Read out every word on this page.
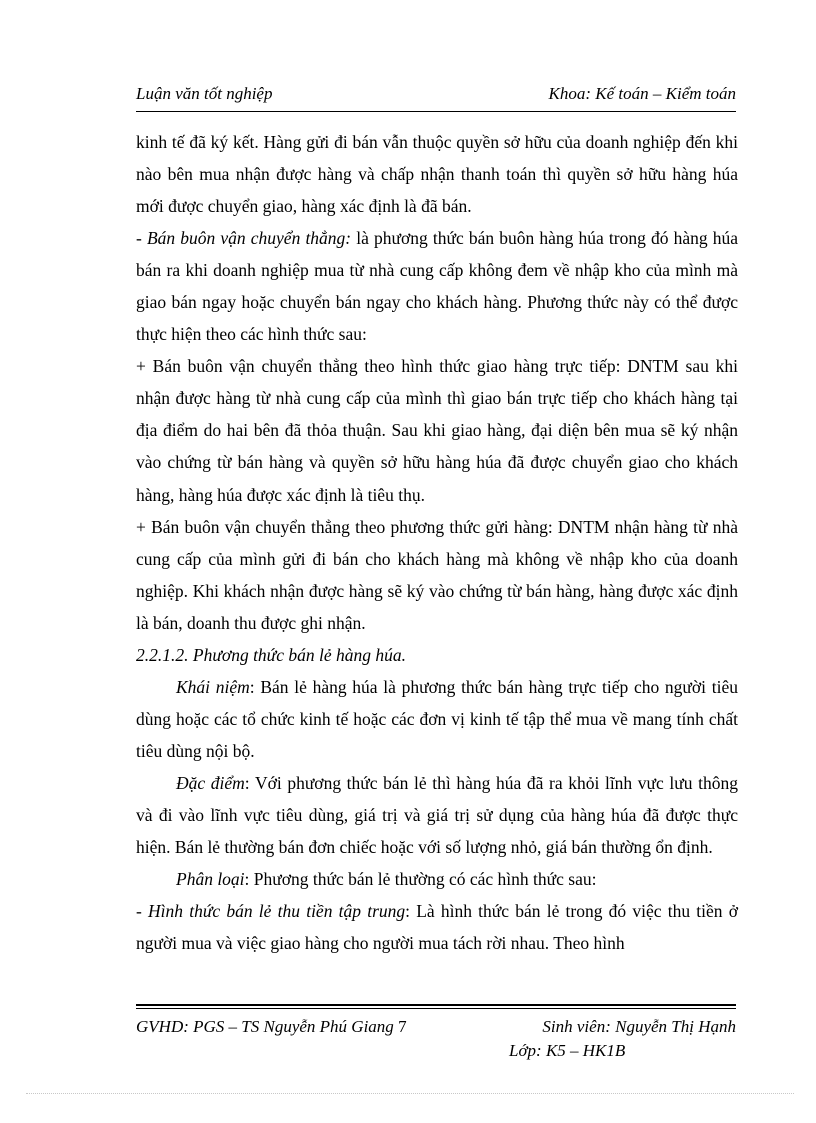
Luận văn tốt nghiệp	Khoa: Kế toán – Kiểm toán

kinh tế đã ký kết. Hàng gửi đi bán vẫn thuộc quyền sở hữu của doanh nghiệp đến khi nào bên mua nhận được hàng và chấp nhận thanh toán thì quyền sở hữu hàng húa mới được chuyển giao, hàng xác định là đã bán.

- Bán buôn vận chuyển thẳng: là phương thức bán buôn hàng húa trong đó hàng húa bán ra khi doanh nghiệp mua từ nhà cung cấp không đem về nhập kho của mình mà giao bán ngay hoặc chuyển bán ngay cho khách hàng. Phương thức này có thể được thực hiện theo các hình thức sau:

+ Bán buôn vận chuyển thẳng theo hình thức giao hàng trực tiếp: DNTM sau khi nhận được hàng từ nhà cung cấp của mình thì giao bán trực tiếp cho khách hàng tại địa điểm do hai bên đã thỏa thuận. Sau khi giao hàng, đại diện bên mua sẽ ký nhận vào chứng từ bán hàng và quyền sở hữu hàng húa đã được chuyển giao cho khách hàng, hàng húa được xác định là tiêu thụ.

+ Bán buôn vận chuyển thẳng theo phương thức gửi hàng: DNTM nhận hàng từ nhà cung cấp của mình gửi đi bán cho khách hàng mà không về nhập kho của doanh nghiệp. Khi khách nhận được hàng sẽ ký vào chứng từ bán hàng, hàng được xác định là bán, doanh thu được ghi nhận.

2.2.1.2. Phương thức bán lẻ hàng húa.

Khái niệm: Bán lẻ hàng húa là phương thức bán hàng trực tiếp cho người tiêu dùng hoặc các tổ chức kinh tế hoặc các đơn vị kinh tế tập thể mua về mang tính chất tiêu dùng nội bộ.

Đặc điểm: Với phương thức bán lẻ thì hàng húa đã ra khỏi lĩnh vực lưu thông và đi vào lĩnh vực tiêu dùng, giá trị và giá trị sử dụng của hàng húa đã được thực hiện. Bán lẻ thường bán đơn chiếc hoặc với số lượng nhỏ, giá bán thường ổn định.

Phân loại: Phương thức bán lẻ thường có các hình thức sau:

- Hình thức bán lẻ thu tiền tập trung: Là hình thức bán lẻ trong đó việc thu tiền ở người mua và việc giao hàng cho người mua tách rời nhau. Theo hình

GVHD: PGS – TS Nguyễn Phú Giang 7	Sinh viên: Nguyễn Thị Hạnh
Lớp: K5 – HK1B
